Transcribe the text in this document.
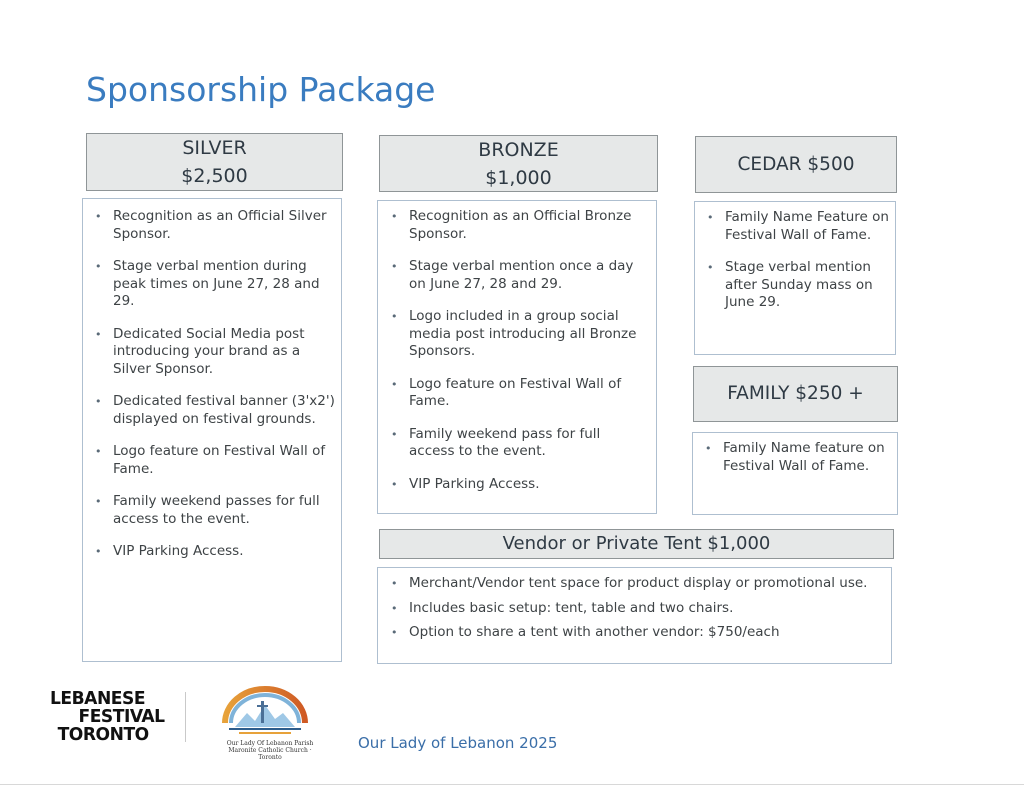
Sponsorship Package
SILVER
$2,500
• Recognition as an Official Silver Sponsor.
• Stage verbal mention during peak times on June 27, 28 and 29.
• Dedicated Social Media post introducing your brand as a Silver Sponsor.
• Dedicated festival banner (3'x2') displayed on festival grounds.
• Logo feature on Festival Wall of Fame.
• Family weekend passes for full access to the event.
• VIP Parking Access.
BRONZE
$1,000
• Recognition as an Official Bronze Sponsor.
• Stage verbal mention once a day on June 27, 28 and 29.
• Logo included in a group social media post introducing all Bronze Sponsors.
• Logo feature on Festival Wall of Fame.
• Family weekend pass for full access to the event.
• VIP Parking Access.
CEDAR $500
• Family Name Feature on Festival Wall of Fame.
• Stage verbal mention after Sunday mass on June 29.
FAMILY $250 +
• Family Name feature on Festival Wall of Fame.
Vendor or Private Tent $1,000
• Merchant/Vendor tent space for product display or promotional use.
• Includes basic setup: tent, table and two chairs.
• Option to share a tent with another vendor: $750/each
LEBANESE
FESTIVAL
TORONTO	Our Lady Of Lebanon Parish Maronite Catholic Church · Toronto
Our Lady of Lebanon 2025
